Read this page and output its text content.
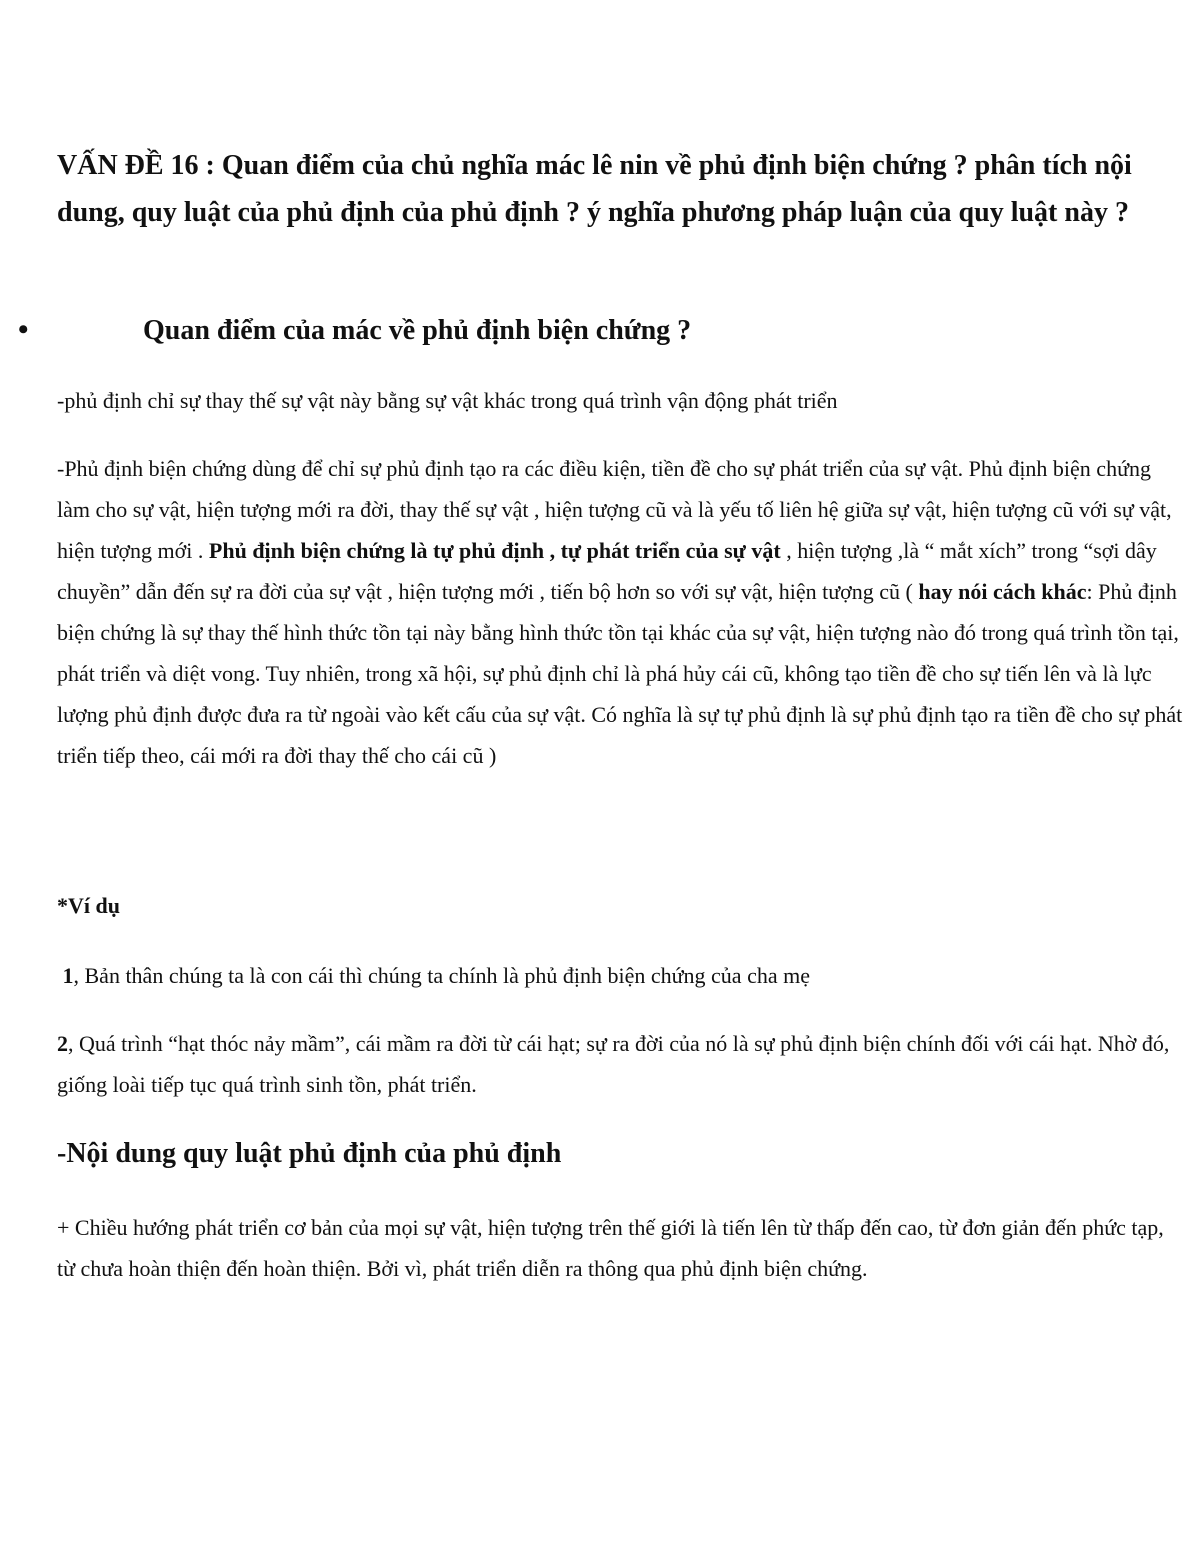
VẤN ĐỀ 16 : Quan điểm của chủ nghĩa mác lê nin về phủ định biện chứng ? phân tích nội dung, quy luật của phủ định của phủ định ? ý nghĩa phương pháp luận của quy luật này ?
•	Quan điểm của mác về phủ định biện chứng ?

-phủ định chỉ sự thay thế sự vật này bằng sự vật khác trong quá trình vận động phát triển

-Phủ định biện chứng dùng để chỉ sự phủ định tạo ra các điều kiện, tiền đề cho sự phát triển của sự vật. Phủ định biện chứng làm cho sự vật, hiện tượng mới ra đời, thay thế sự vật , hiện tượng cũ và là yếu tố liên hệ giữa sự vật, hiện tượng cũ với sự vật, hiện tượng mới . Phủ định biện chứng là tự phủ định , tự phát triển của sự vật , hiện tượng ,là “ mắt xích” trong “sợi dây chuyền” dẫn đến sự ra đời của sự vật , hiện tượng mới , tiến bộ hơn so với sự vật, hiện tượng cũ ( hay nói cách khác: Phủ định biện chứng là sự thay thế hình thức tồn tại này bằng hình thức tồn tại khác của sự vật, hiện tượng nào đó trong quá trình tồn tại, phát triển và diệt vong. Tuy nhiên, trong xã hội, sự phủ định chỉ là phá hủy cái cũ, không tạo tiền đề cho sự tiến lên và là lực lượng phủ định được đưa ra từ ngoài vào kết cấu của sự vật. Có nghĩa là sự tự phủ định là sự phủ định tạo ra tiền đề cho sự phát triển tiếp theo, cái mới ra đời thay thế cho cái cũ )

*Ví dụ

1, Bản thân chúng ta là con cái thì chúng ta chính là phủ định biện chứng của cha mẹ

2, Quá trình “hạt thóc nảy mầm”, cái mầm ra đời từ cái hạt; sự ra đời của nó là sự phủ định biện chính đối với cái hạt. Nhờ đó, giống loài tiếp tục quá trình sinh tồn, phát triển.

-Nội dung quy luật phủ định của phủ định

+ Chiều hướng phát triển cơ bản của mọi sự vật, hiện tượng trên thế giới là tiến lên từ thấp đến cao, từ đơn giản đến phức tạp, từ chưa hoàn thiện đến hoàn thiện. Bởi vì, phát triển diễn ra thông qua phủ định biện chứng.
